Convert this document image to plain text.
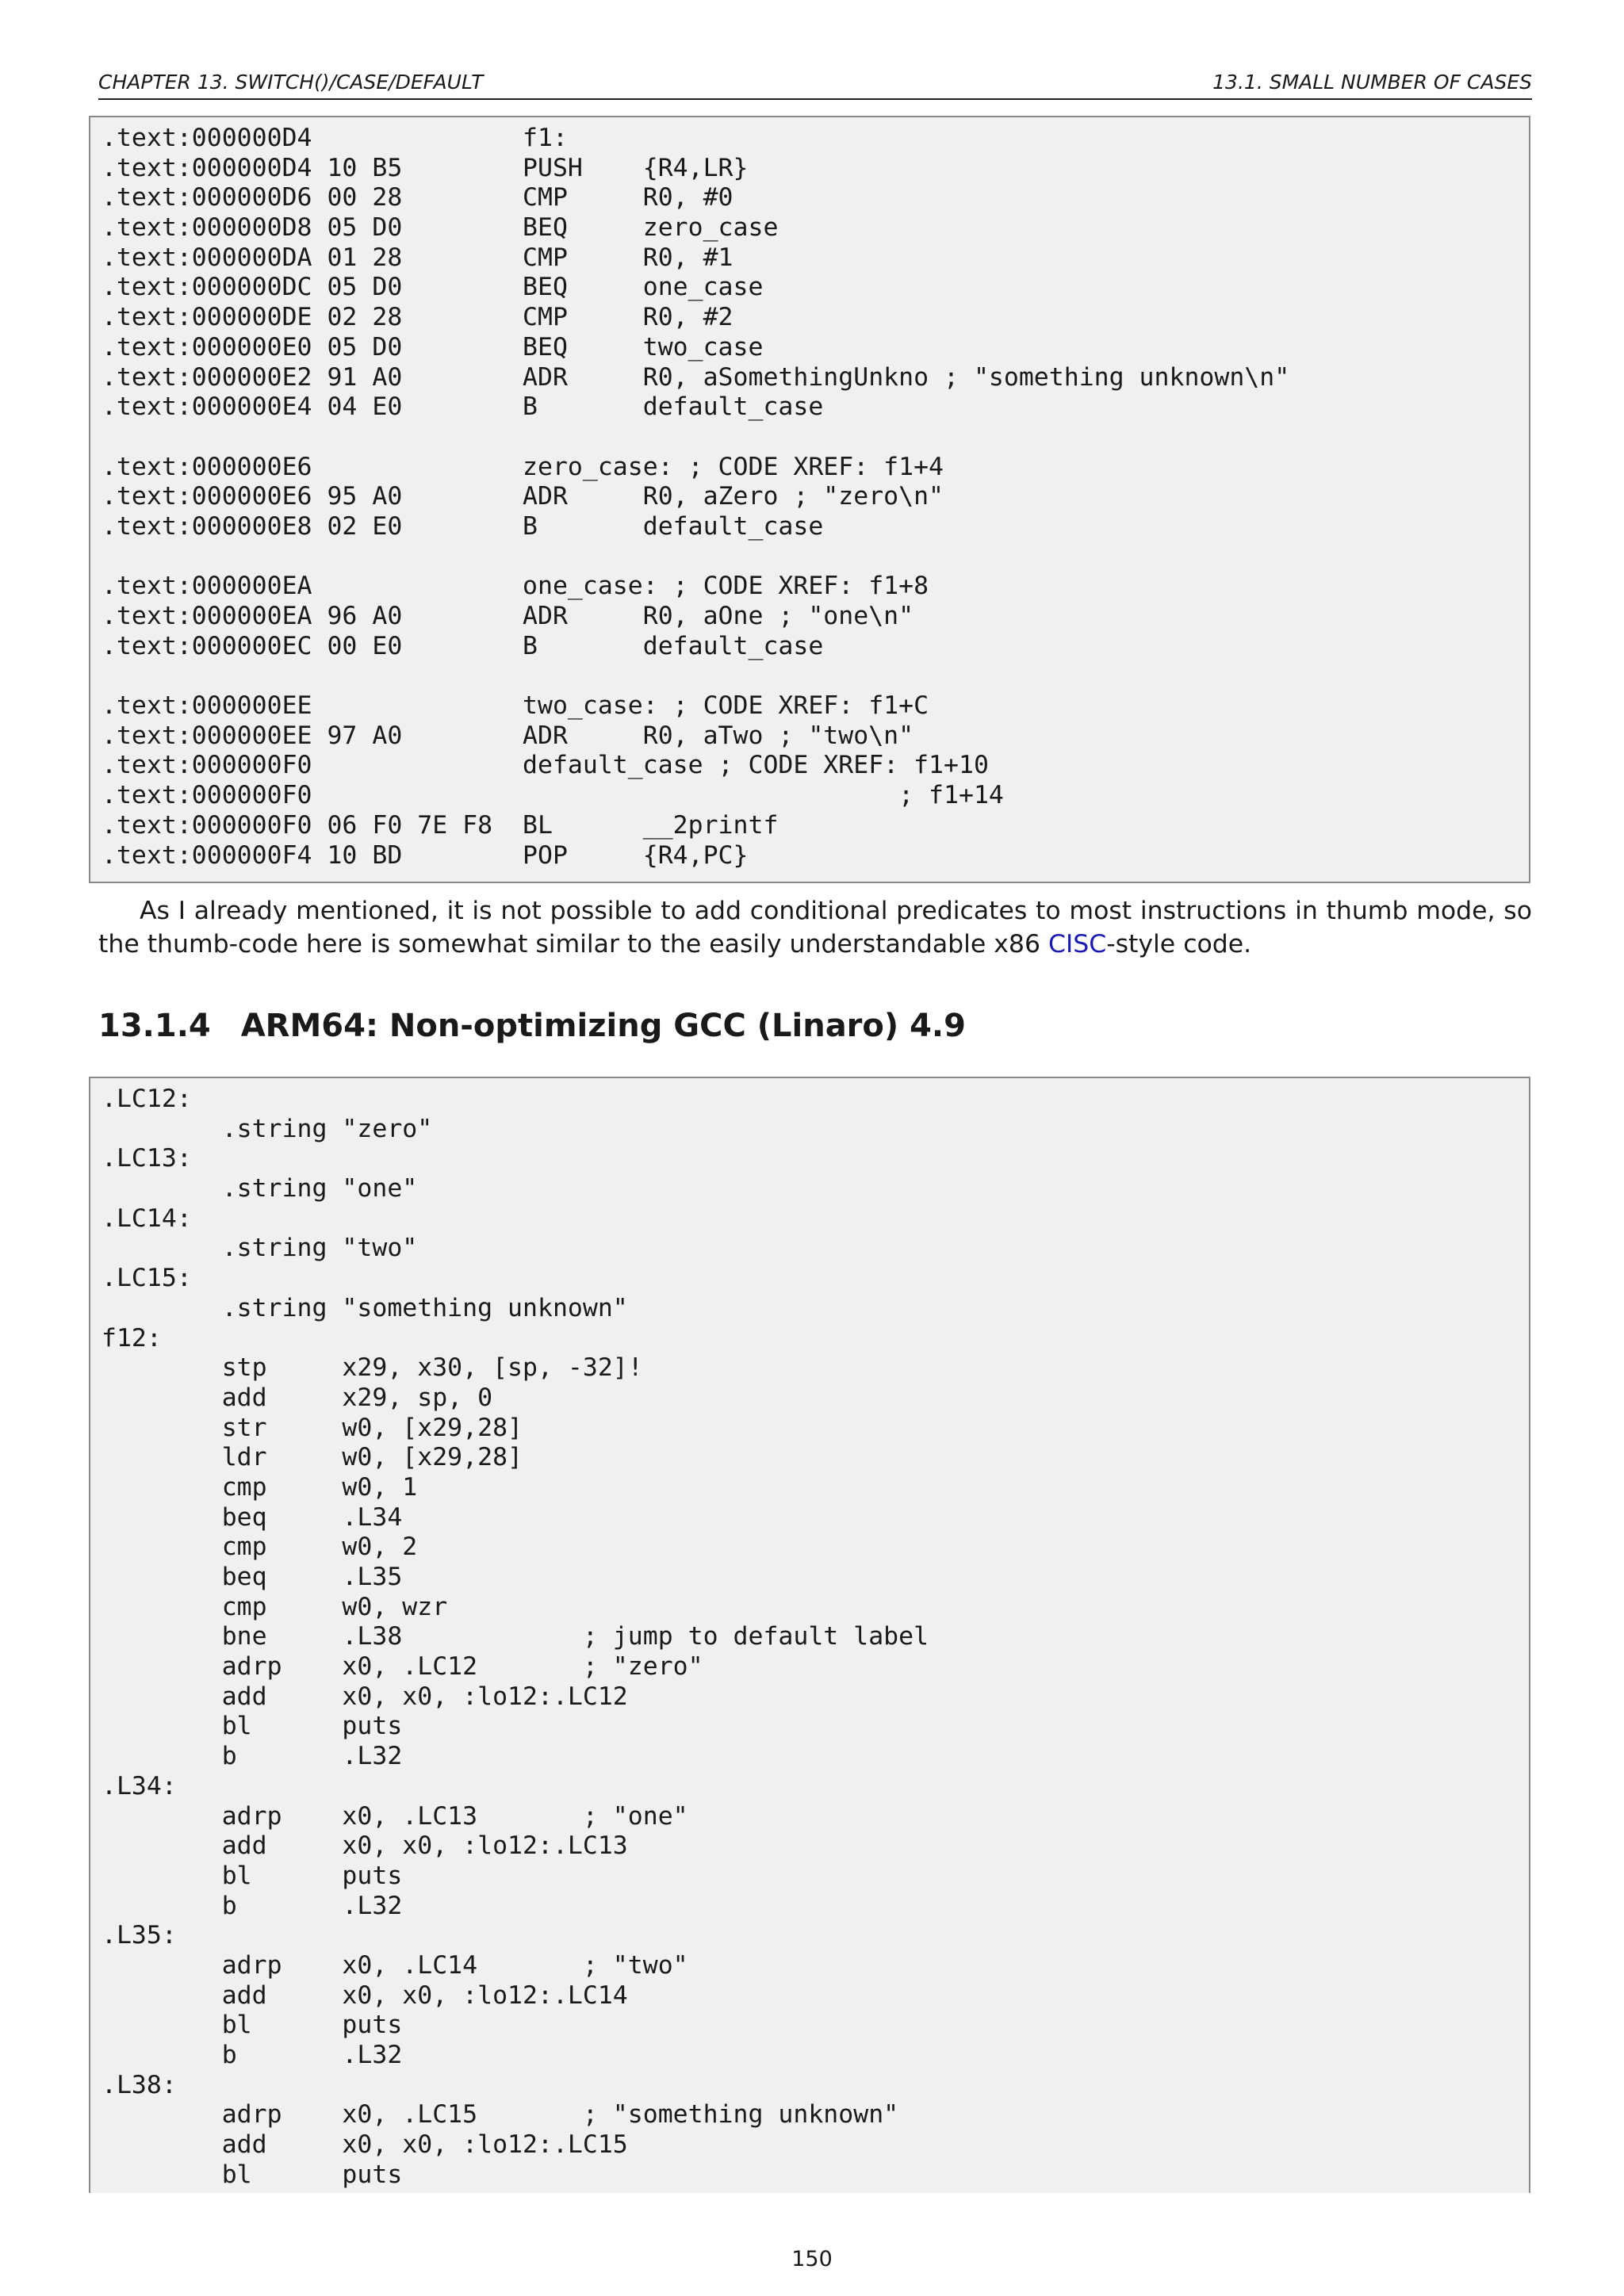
CHAPTER 13. SWITCH()/CASE/DEFAULT	13.1. SMALL NUMBER OF CASES
.text:000000D4              f1:
.text:000000D4 10 B5        PUSH    {R4,LR}
.text:000000D6 00 28        CMP     R0, #0
.text:000000D8 05 D0        BEQ     zero_case
.text:000000DA 01 28        CMP     R0, #1
.text:000000DC 05 D0        BEQ     one_case
.text:000000DE 02 28        CMP     R0, #2
.text:000000E0 05 D0        BEQ     two_case
.text:000000E2 91 A0        ADR     R0, aSomethingUnkno ; "something unknown\n"
.text:000000E4 04 E0        B       default_case
.text:000000E6              zero_case: ; CODE XREF: f1+4
.text:000000E6 95 A0        ADR     R0, aZero ; "zero\n"
.text:000000E8 02 E0        B       default_case
.text:000000EA              one_case: ; CODE XREF: f1+8
.text:000000EA 96 A0        ADR     R0, aOne ; "one\n"
.text:000000EC 00 E0        B       default_case
.text:000000EE              two_case: ; CODE XREF: f1+C
.text:000000EE 97 A0        ADR     R0, aTwo ; "two\n"
.text:000000F0              default_case ; CODE XREF: f1+10
.text:000000F0                                       ; f1+14
.text:000000F0 06 F0 7E F8  BL      __2printf
.text:000000F4 10 BD        POP     {R4,PC}

As I already mentioned, it is not possible to add conditional predicates to most instructions in thumb mode, so the thumb-code here is somewhat similar to the easily understandable x86 CISC-style code.

13.1.4 ARM64: Non-optimizing GCC (Linaro) 4.9
.LC12:
.string "zero"
.LC13:
.string "one"
.LC14:
.string "two"
.LC15:
.string "something unknown"
f12:
stp     x29, x30, [sp, -32]!
add     x29, sp, 0
str     w0, [x29,28]
ldr     w0, [x29,28]
cmp     w0, 1
beq     .L34
cmp     w0, 2
beq     .L35
cmp     w0, wzr
bne     .L38            ; jump to default label
adrp    x0, .LC12       ; "zero"
add     x0, x0, :lo12:.LC12
bl      puts
b       .L32
.L34:
adrp    x0, .LC13       ; "one"
add     x0, x0, :lo12:.LC13
bl      puts
b       .L32
.L35:
adrp    x0, .LC14       ; "two"
add     x0, x0, :lo12:.LC14
bl      puts
b       .L32
.L38:
adrp    x0, .LC15       ; "something unknown"
add     x0, x0, :lo12:.LC15
bl      puts
150
